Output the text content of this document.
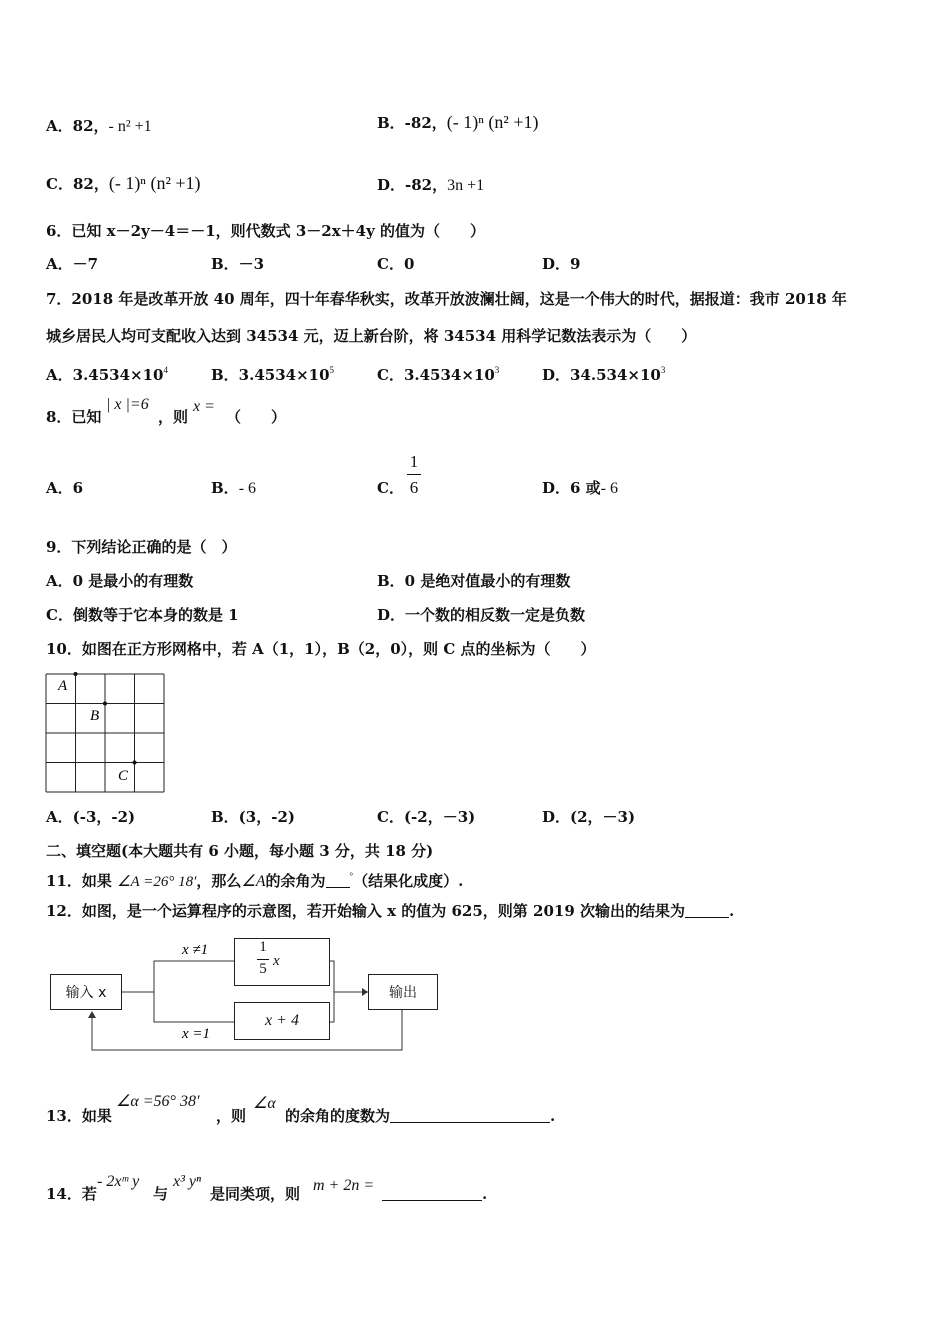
A．82，- n² +1	B．-82，(- 1)ⁿ (n² +1)
C．82，(- 1)ⁿ (n² +1)	D．-82，3n +1
6．已知 x－2y－4＝－1，则代数式 3－2x＋4y 的值为（　　）
A．－7	B．－3	C．0	D．9
7．2018 年是改革开放 40 周年，四十年春华秋实，改革开放波澜壮阔，这是一个伟大的时代，据报道：我市 2018 年
城乡居民人均可支配收入达到 34534 元，迈上新台阶，将 34534 用科学记数法表示为（　　）
A．$3.4534\times 10^4$	B．$3.4534\times 10^5$	C．$3.4534\times 10^3$	D．$34.534\times 10^3$
8．已知
| x |=6
，则
x =
（　　）
A．6	B．- 6	C．
1
6	D．6 或- 6
9．下列结论正确的是（　）
A．0 是最小的有理数	B．0 是绝对值最小的有理数
C．倒数等于它本身的数是 1	D．一个数的相反数一定是负数
10．如图在正方形网格中，若 A（1，1），B（2，0），则 C 点的坐标为（　　）
A
B
C
A．(-3，-2)	B．(3，-2)	C．(-2，－3)	D．(2，－3)
二、填空题(本大题共有 6 小题，每小题 3 分，共 18 分)
11．如果 ∠A =26° 18′，那么∠A的余角为	°（结果化成度）.
12．如图，是一个运算程序的示意图，若开始输入 x 的值为 625，则第 2019 次输出的结果为	.
x ≠1
x =1
输入 x
1
5 x
x + 4
输出
13．如果
∠α =56° 38′
，则
∠α
的余角的度数为	.
14．若
- 2xᵐ y
与
x³ yⁿ
是同类项，则 m + 2n =	.
